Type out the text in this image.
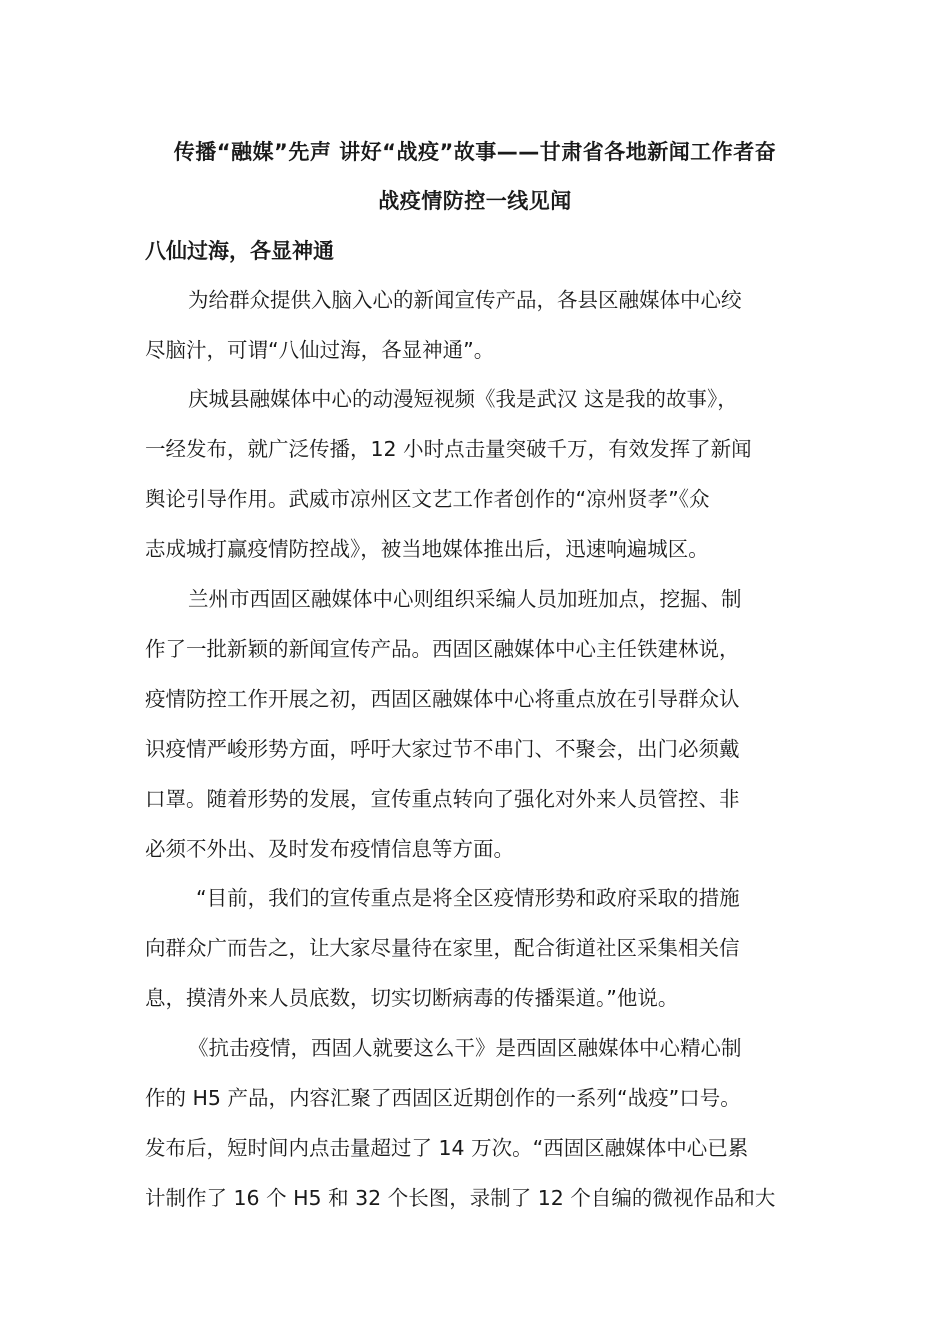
传播“融媒”先声 讲好“战疫”故事——甘肃省各地新闻工作者奋
战疫情防控一线见闻
八仙过海，各显神通
为给群众提供入脑入心的新闻宣传产品，各县区融媒体中心绞
尽脑汁，可谓“八仙过海，各显神通”。
庆城县融媒体中心的动漫短视频《我是武汉 这是我的故事》，
一经发布，就广泛传播，12 小时点击量突破千万，有效发挥了新闻
舆论引导作用。武威市凉州区文艺工作者创作的“凉州贤孝”《众
志成城打赢疫情防控战》，被当地媒体推出后，迅速响遍城区。
兰州市西固区融媒体中心则组织采编人员加班加点，挖掘、制
作了一批新颖的新闻宣传产品。西固区融媒体中心主任铁建林说，
疫情防控工作开展之初，西固区融媒体中心将重点放在引导群众认
识疫情严峻形势方面，呼吁大家过节不串门、不聚会，出门必须戴
口罩。随着形势的发展，宣传重点转向了强化对外来人员管控、非
必须不外出、及时发布疫情信息等方面。
“目前，我们的宣传重点是将全区疫情形势和政府采取的措施
向群众广而告之，让大家尽量待在家里，配合街道社区采集相关信
息，摸清外来人员底数，切实切断病毒的传播渠道。”他说。
《抗击疫情，西固人就要这么干》是西固区融媒体中心精心制
作的 H5 产品，内容汇聚了西固区近期创作的一系列“战疫”口号。
发布后，短时间内点击量超过了 14 万次。“西固区融媒体中心已累
计制作了 16 个 H5 和 32 个长图，录制了 12 个自编的微视作品和大
